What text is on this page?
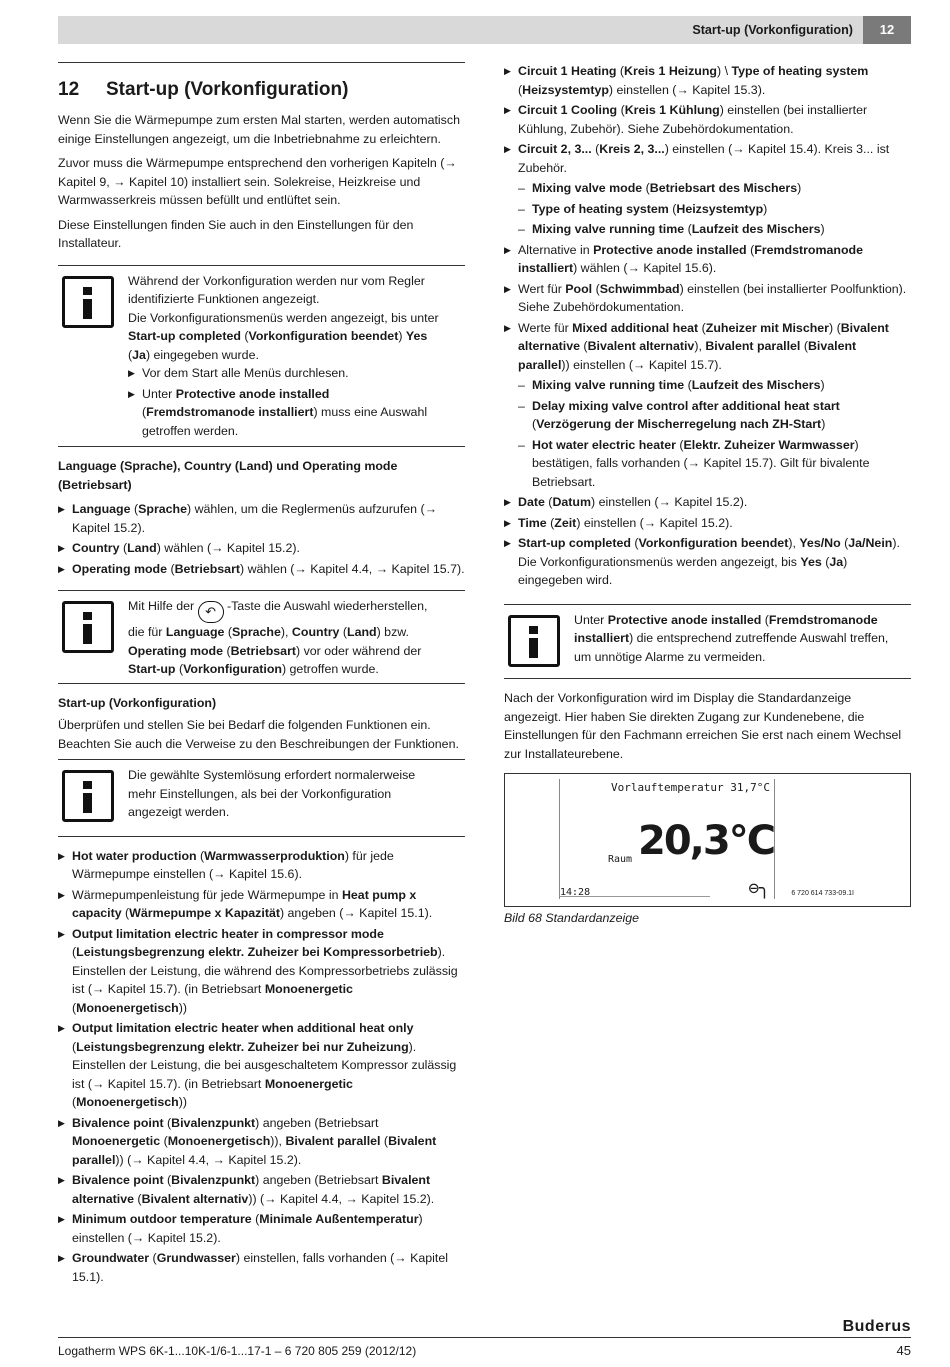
Start-up (Vorkonfiguration)	12
12	Start-up (Vorkonfiguration)

Wenn Sie die Wärmepumpe zum ersten Mal starten, werden automatisch einige Einstellungen angezeigt, um die Inbetriebnahme zu erleichtern.

Zuvor muss die Wärmepumpe entsprechend den vorherigen Kapiteln (→ Kapitel 9, → Kapitel 10) installiert sein. Solekreise, Heizkreise und Warmwasserkreis müssen befüllt und entlüftet sein.

Diese Einstellungen finden Sie auch in den Einstellungen für den Installateur.

Während der Vorkonfiguration werden nur vom Regler identifizierte Funktionen angezeigt.
Die Vorkonfigurationsmenüs werden angezeigt, bis unter Start-up completed (Vorkonfiguration beendet) Yes (Ja) eingegeben wurde.
▶ Vor dem Start alle Menüs durchlesen.
▶ Unter Protective anode installed (Fremdstromanode installiert) muss eine Auswahl getroffen werden.
Language (Sprache), Country (Land) und Operating mode (Betriebsart)
▶ Language (Sprache) wählen, um die Reglermenüs aufzurufen (→ Kapitel 15.2).
▶ Country (Land) wählen (→ Kapitel 15.2).
▶ Operating mode (Betriebsart) wählen (→ Kapitel 4.4, → Kapitel 15.7).
Mit Hilfe der ↶ -Taste die Auswahl wiederherstellen, die für Language (Sprache), Country (Land) bzw. Operating mode (Betriebsart) vor oder während der Start-up (Vorkonfiguration) getroffen wurde.
Start-up (Vorkonfiguration)

Überprüfen und stellen Sie bei Bedarf die folgenden Funktionen ein. Beachten Sie auch die Verweise zu den Beschreibungen der Funktionen.

Die gewählte Systemlösung erfordert normalerweise mehr Einstellungen, als bei der Vorkonfiguration angezeigt werden.
▶ Hot water production (Warmwasserproduktion) für jede Wärmepumpe einstellen (→ Kapitel 15.6).
▶ Wärmepumpenleistung für jede Wärmepumpe in Heat pump x capacity (Wärmepumpe x Kapazität) angeben (→ Kapitel 15.1).
▶ Output limitation electric heater in compressor mode (Leistungsbegrenzung elektr. Zuheizer bei Kompressorbetrieb). Einstellen der Leistung, die während des Kompressorbetriebs zulässig ist (→ Kapitel 15.7). (in Betriebsart Monoenergetic (Monoenergetisch))
▶ Output limitation electric heater when additional heat only (Leistungsbegrenzung elektr. Zuheizer bei nur Zuheizung). Einstellen der Leistung, die bei ausgeschaltetem Kompressor zulässig ist (→ Kapitel 15.7). (in Betriebsart Monoenergetic (Monoenergetisch))
▶ Bivalence point (Bivalenzpunkt) angeben (Betriebsart Monoenergetic (Monoenergetisch)), Bivalent parallel (Bivalent parallel)) (→ Kapitel 4.4, → Kapitel 15.2).
▶ Bivalence point (Bivalenzpunkt) angeben (Betriebsart Bivalent alternative (Bivalent alternativ)) (→ Kapitel 4.4, → Kapitel 15.2).
▶ Minimum outdoor temperature (Minimale Außentemperatur) einstellen (→ Kapitel 15.2).
▶ Groundwater (Grundwasser) einstellen, falls vorhanden (→ Kapitel 15.1).
▶ Circuit 1 Heating (Kreis 1 Heizung) \ Type of heating system (Heizsystemtyp) einstellen (→ Kapitel 15.3).
▶ Circuit 1 Cooling (Kreis 1 Kühlung) einstellen (bei installierter Kühlung, Zubehör). Siehe Zubehördokumentation.
▶ Circuit 2, 3... (Kreis 2, 3...) einstellen (→ Kapitel 15.4). Kreis 3... ist Zubehör.
– Mixing valve mode (Betriebsart des Mischers)
– Type of heating system (Heizsystemtyp)
– Mixing valve running time (Laufzeit des Mischers)
▶ Alternative in Protective anode installed (Fremdstromanode installiert) wählen (→ Kapitel 15.6).
▶ Wert für Pool (Schwimmbad) einstellen (bei installierter Poolfunktion). Siehe Zubehördokumentation.
▶ Werte für Mixed additional heat (Zuheizer mit Mischer) (Bivalent alternative (Bivalent alternativ), Bivalent parallel (Bivalent parallel)) einstellen (→ Kapitel 15.7).
– Mixing valve running time (Laufzeit des Mischers)
– Delay mixing valve control after additional heat start (Verzögerung der Mischerregelung nach ZH-Start)
– Hot water electric heater (Elektr. Zuheizer Warmwasser) bestätigen, falls vorhanden (→ Kapitel 15.7). Gilt für bivalente Betriebsart.
▶ Date (Datum) einstellen (→ Kapitel 15.2).
▶ Time (Zeit) einstellen (→ Kapitel 15.2).
▶ Start-up completed (Vorkonfiguration beendet), Yes/No (Ja/Nein).
Die Vorkonfigurationsmenüs werden angezeigt, bis Yes (Ja) eingegeben wird.
Unter Protective anode installed (Fremdstromanode installiert) die entsprechend zutreffende Auswahl treffen, um unnötige Alarme zu vermeiden.

Nach der Vorkonfiguration wird im Display die Standardanzeige angezeigt. Hier haben Sie direkten Zugang zur Kundenebene, die Einstellungen für den Fachmann erreichen Sie erst nach einem Wechsel zur Installateurebene.

Vorlauftemperatur 31,7°C
Raum 20,3°C
14:28	⊖╮	6 720 614 733-09.1I
Bild 68 Standardanzeige
Buderus
Logatherm WPS 6K-1...10K-1/6-1...17-1 – 6 720 805 259 (2012/12)	45
